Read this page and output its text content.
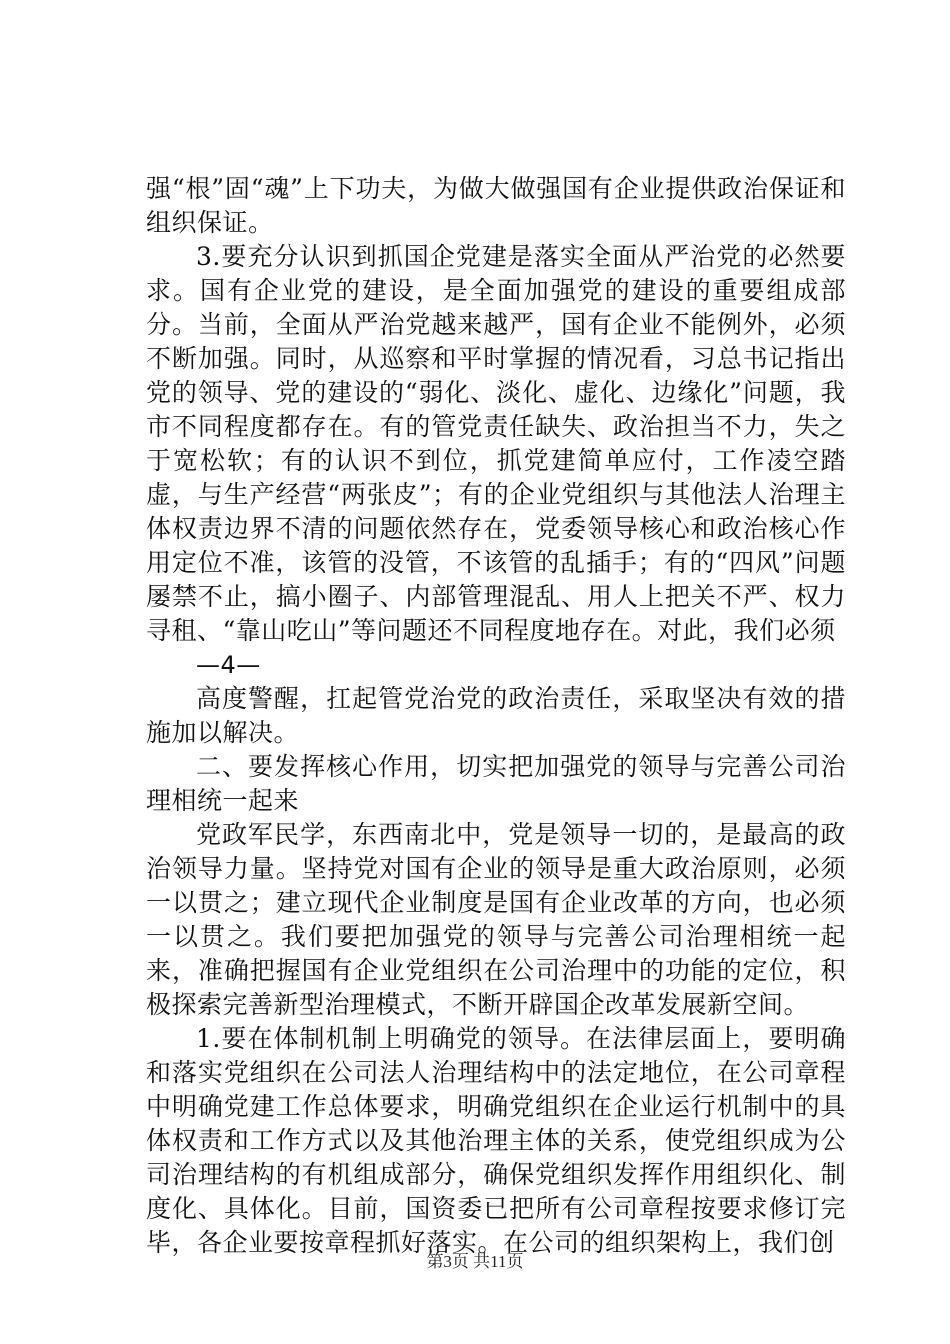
强“根”固“魂”上下功夫，为做大做强国有企业提供政治保证和组织保证。

3.要充分认识到抓国企党建是落实全面从严治党的必然要求。国有企业党的建设，是全面加强党的建设的重要组成部分。当前，全面从严治党越来越严，国有企业不能例外，必须不断加强。同时，从巡察和平时掌握的情况看，习总书记指出党的领导、党的建设的“弱化、淡化、虚化、边缘化”问题，我市不同程度都存在。有的管党责任缺失、政治担当不力，失之于宽松软；有的认识不到位，抓党建简单应付，工作凌空踏虚，与生产经营“两张皮”；有的企业党组织与其他法人治理主体权责边界不清的问题依然存在，党委领导核心和政治核心作用定位不准，该管的没管，不该管的乱插手；有的“四风”问题屡禁不止，搞小圈子、内部管理混乱、用人上把关不严、权力寻租、“靠山吃山”等问题还不同程度地存在。对此，我们必须

—4—

高度警醒，扛起管党治党的政治责任，采取坚决有效的措施加以解决。

二、要发挥核心作用，切实把加强党的领导与完善公司治理相统一起来

党政军民学，东西南北中，党是领导一切的，是最高的政治领导力量。坚持党对国有企业的领导是重大政治原则，必须一以贯之；建立现代企业制度是国有企业改革的方向，也必须一以贯之。我们要把加强党的领导与完善公司治理相统一起来，准确把握国有企业党组织在公司治理中的功能的定位，积极探索完善新型治理模式，不断开辟国企改革发展新空间。

1.要在体制机制上明确党的领导。在法律层面上，要明确和落实党组织在公司法人治理结构中的法定地位，在公司章程中明确党建工作总体要求，明确党组织在企业运行机制中的具体权责和工作方式以及其他治理主体的关系，使党组织成为公司治理结构的有机组成部分，确保党组织发挥作用组织化、制度化、具体化。目前，国资委已把所有公司章程按要求修订完毕，各企业要按章程抓好落实。在公司的组织架构上，我们创

第3页 共11页
